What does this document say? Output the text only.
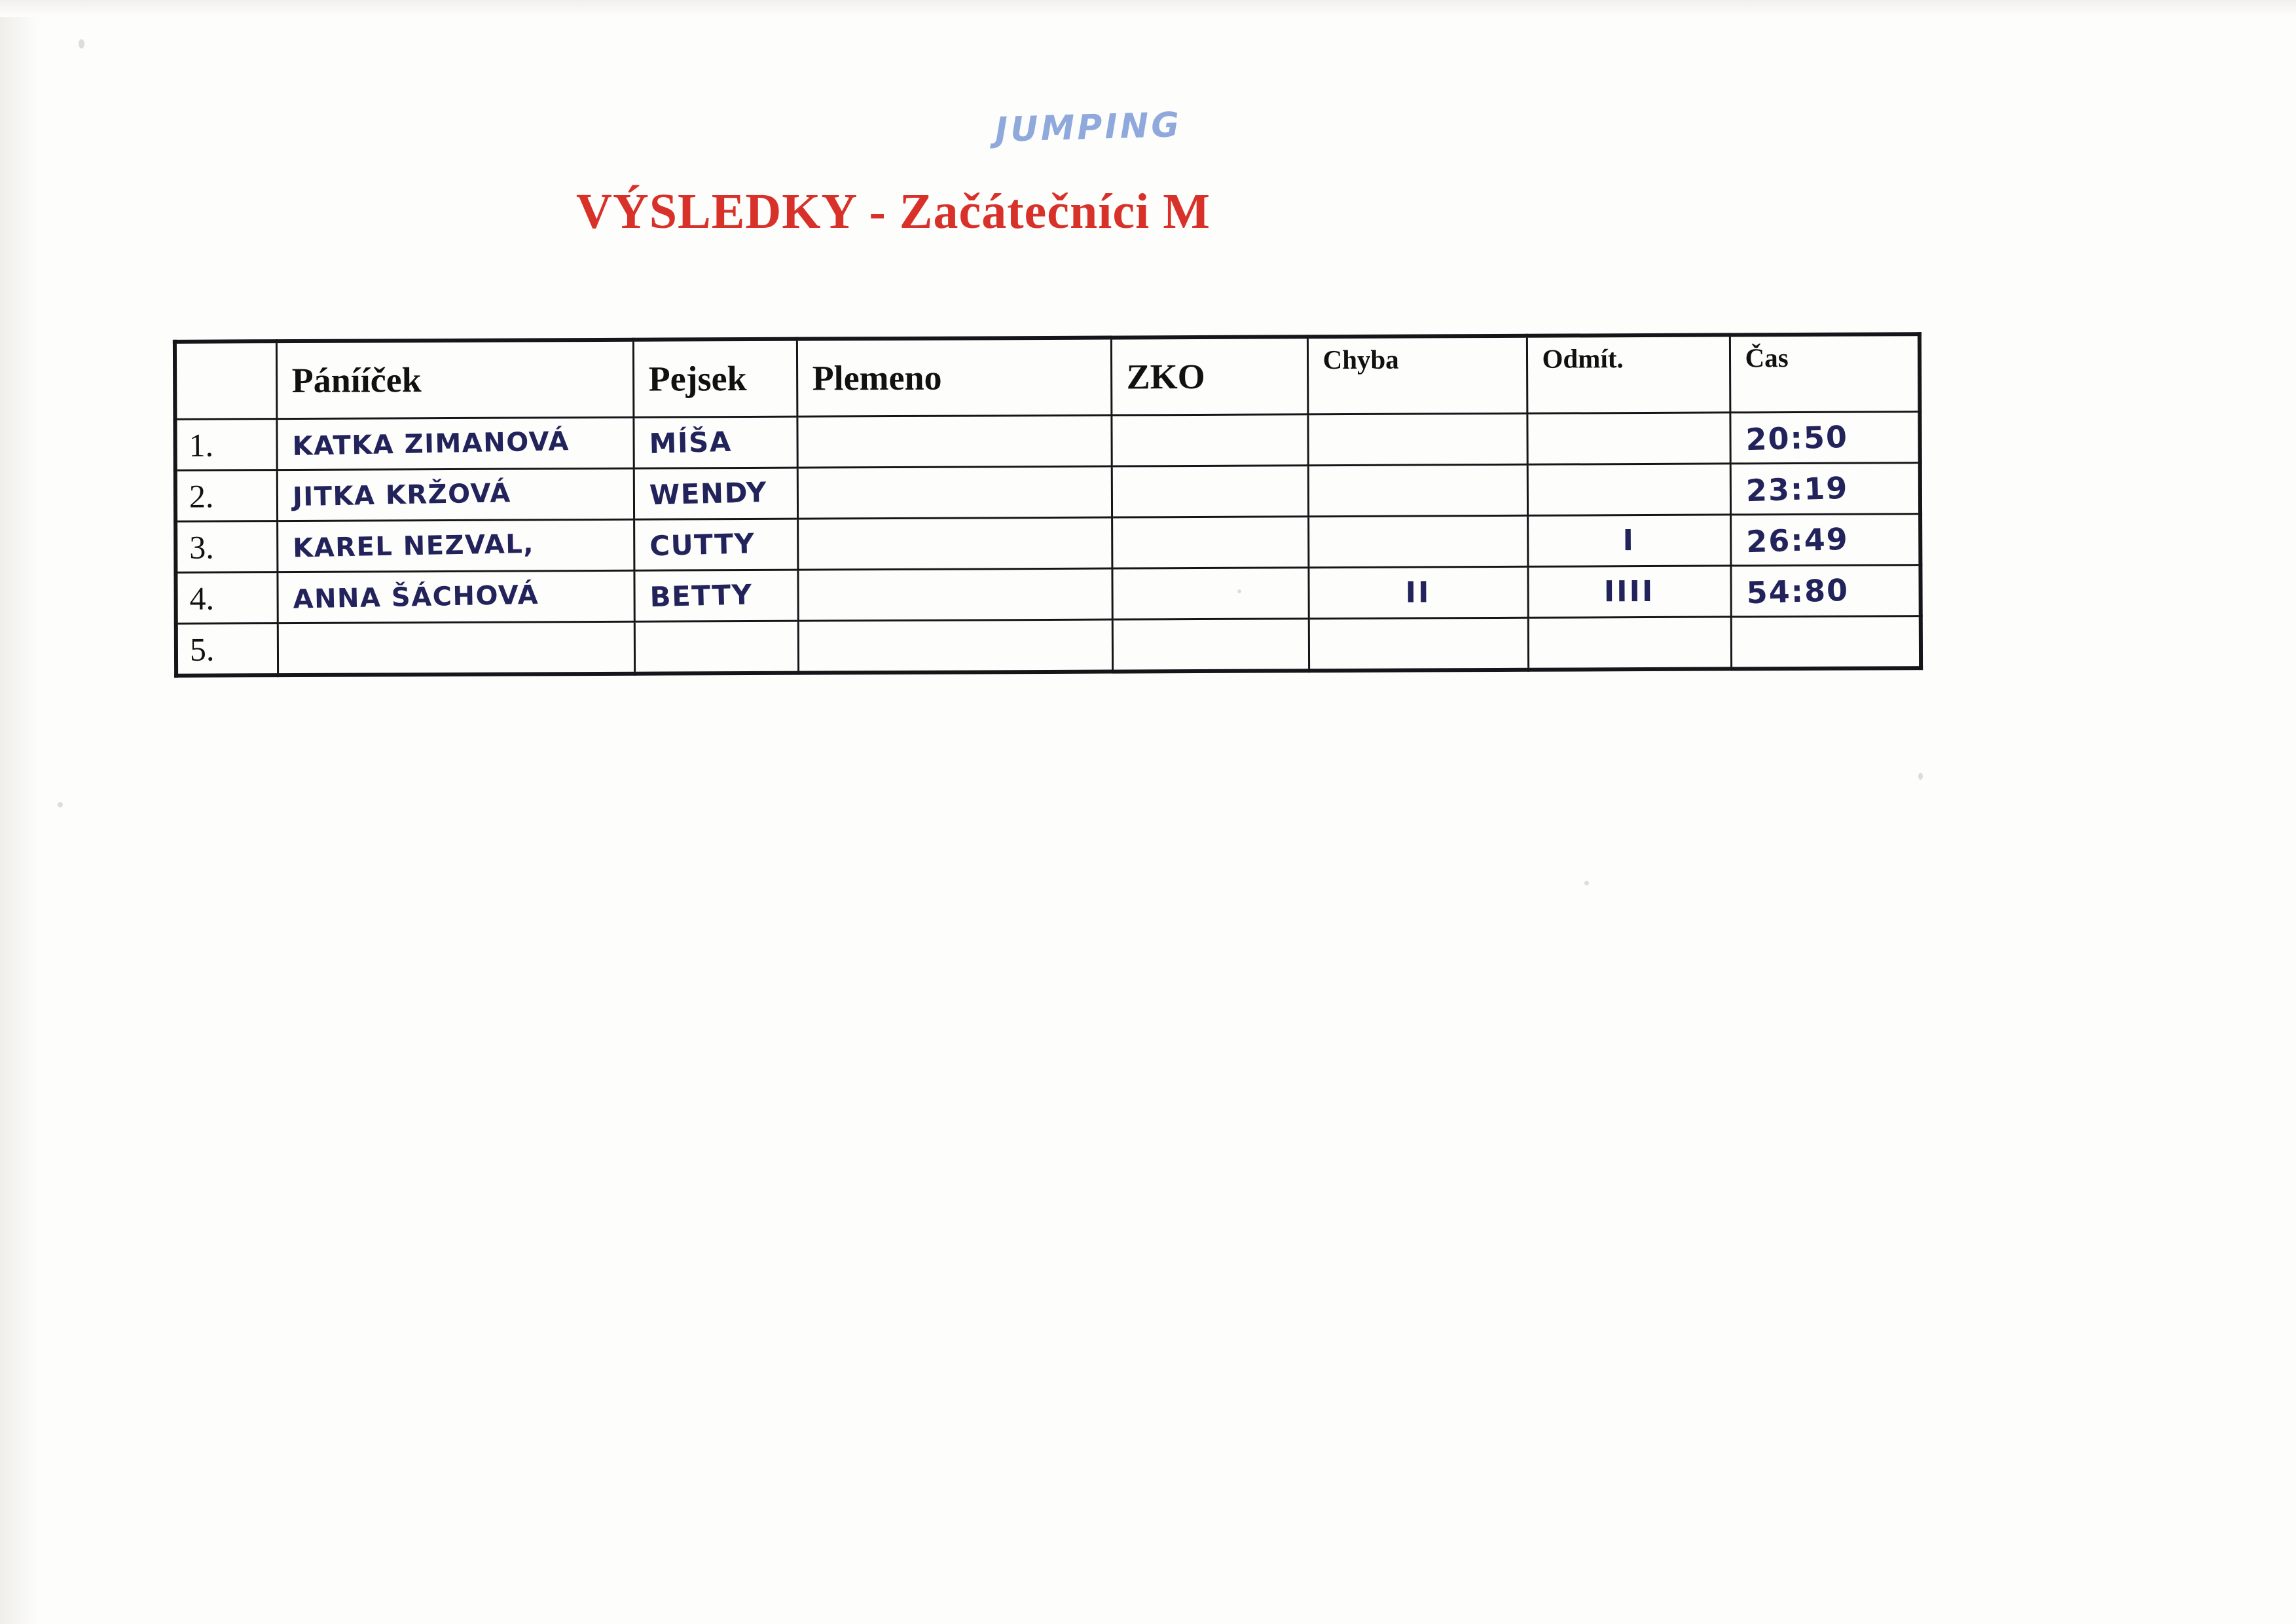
JUMPING
VÝSLEDKY - Začátečníci M
	Pánííček	Pejsek	Plemeno	ZKO	Chyba	Odmít.	Čas
1.	KATKA ZIMANOVÁ	MÍŠA					20:50
2.	JITKA KRŽOVÁ	WENDY					23:19
3.	KAREL NEZVAL,	CUTTY				I	26:49
4.	ANNA ŠÁCHOVÁ	BETTY			II	IIII	54:80
5.					
